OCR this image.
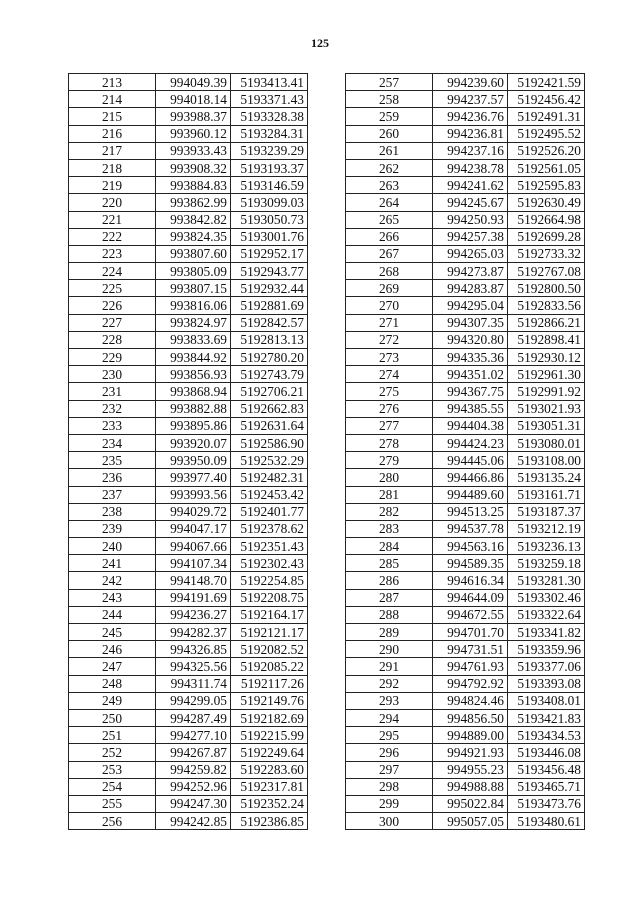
125
213	994049.39	5193413.41
214	994018.14	5193371.43
215	993988.37	5193328.38
216	993960.12	5193284.31
217	993933.43	5193239.29
218	993908.32	5193193.37
219	993884.83	5193146.59
220	993862.99	5193099.03
221	993842.82	5193050.73
222	993824.35	5193001.76
223	993807.60	5192952.17
224	993805.09	5192943.77
225	993807.15	5192932.44
226	993816.06	5192881.69
227	993824.97	5192842.57
228	993833.69	5192813.13
229	993844.92	5192780.20
230	993856.93	5192743.79
231	993868.94	5192706.21
232	993882.88	5192662.83
233	993895.86	5192631.64
234	993920.07	5192586.90
235	993950.09	5192532.29
236	993977.40	5192482.31
237	993993.56	5192453.42
238	994029.72	5192401.77
239	994047.17	5192378.62
240	994067.66	5192351.43
241	994107.34	5192302.43
242	994148.70	5192254.85
243	994191.69	5192208.75
244	994236.27	5192164.17
245	994282.37	5192121.17
246	994326.85	5192082.52
247	994325.56	5192085.22
248	994311.74	5192117.26
249	994299.05	5192149.76
250	994287.49	5192182.69
251	994277.10	5192215.99
252	994267.87	5192249.64
253	994259.82	5192283.60
254	994252.96	5192317.81
255	994247.30	5192352.24
256	994242.85	5192386.85
257	994239.60	5192421.59
258	994237.57	5192456.42
259	994236.76	5192491.31
260	994236.81	5192495.52
261	994237.16	5192526.20
262	994238.78	5192561.05
263	994241.62	5192595.83
264	994245.67	5192630.49
265	994250.93	5192664.98
266	994257.38	5192699.28
267	994265.03	5192733.32
268	994273.87	5192767.08
269	994283.87	5192800.50
270	994295.04	5192833.56
271	994307.35	5192866.21
272	994320.80	5192898.41
273	994335.36	5192930.12
274	994351.02	5192961.30
275	994367.75	5192991.92
276	994385.55	5193021.93
277	994404.38	5193051.31
278	994424.23	5193080.01
279	994445.06	5193108.00
280	994466.86	5193135.24
281	994489.60	5193161.71
282	994513.25	5193187.37
283	994537.78	5193212.19
284	994563.16	5193236.13
285	994589.35	5193259.18
286	994616.34	5193281.30
287	994644.09	5193302.46
288	994672.55	5193322.64
289	994701.70	5193341.82
290	994731.51	5193359.96
291	994761.93	5193377.06
292	994792.92	5193393.08
293	994824.46	5193408.01
294	994856.50	5193421.83
295	994889.00	5193434.53
296	994921.93	5193446.08
297	994955.23	5193456.48
298	994988.88	5193465.71
299	995022.84	5193473.76
300	995057.05	5193480.61
